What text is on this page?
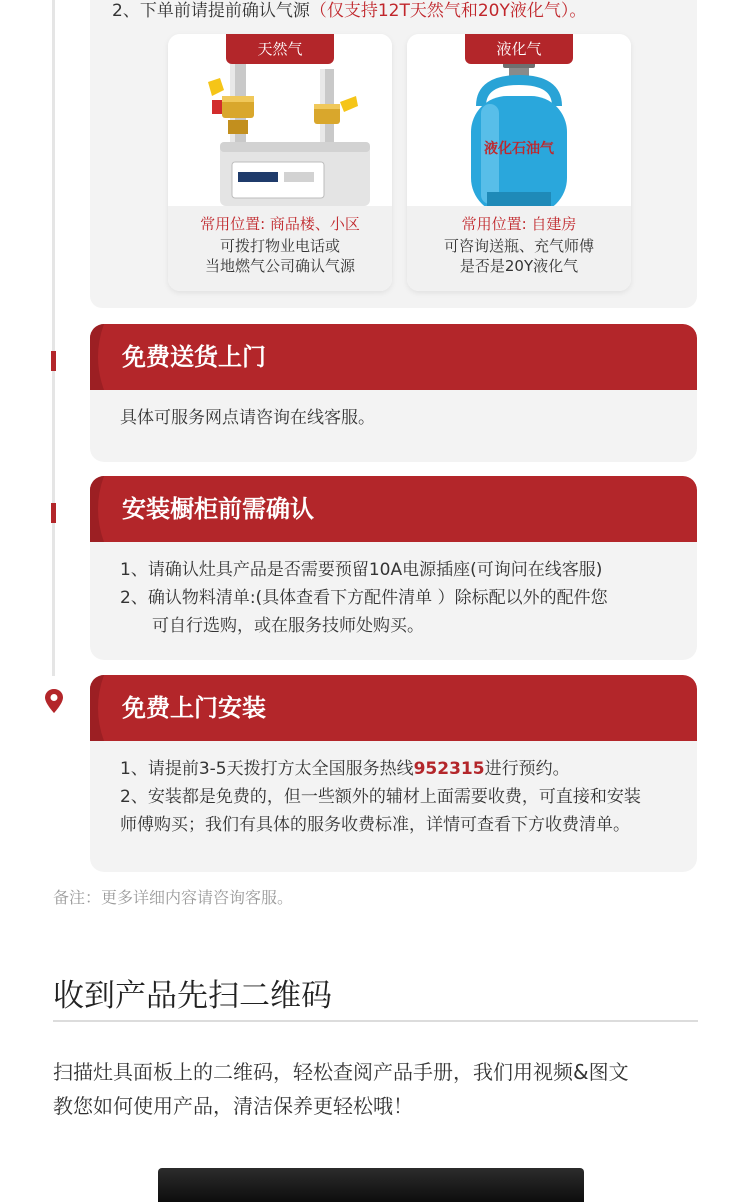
2、下单前请提前确认气源（仅支持12T天然气和20Y液化气）。
天然气
常用位置: 商品楼、小区
可拨打物业电话或
当地燃气公司确认气源
液化气
液化石油气
常用位置: 自建房
可咨询送瓶、充气师傅
是否是20Y液化气
免费送货上门
具体可服务网点请咨询在线客服。
安装橱柜前需确认
1、请确认灶具产品是否需要预留10A电源插座(可询问在线客服)
2、确认物料清单:(具体查看下方配件清单 ）除标配以外的配件您
可自行选购，或在服务技师处购买。
免费上门安装
1、请提前3-5天拨打方太全国服务热线952315进行预约。
2、安装都是免费的，但一些额外的辅材上面需要收费，可直接和安装
师傅购买；我们有具体的服务收费标准，详情可查看下方收费清单。
备注：更多详细内容请咨询客服。
收到产品先扫二维码
扫描灶具面板上的二维码，轻松查阅产品手册，我们用视频&图文
教您如何使用产品，清洁保养更轻松哦！
